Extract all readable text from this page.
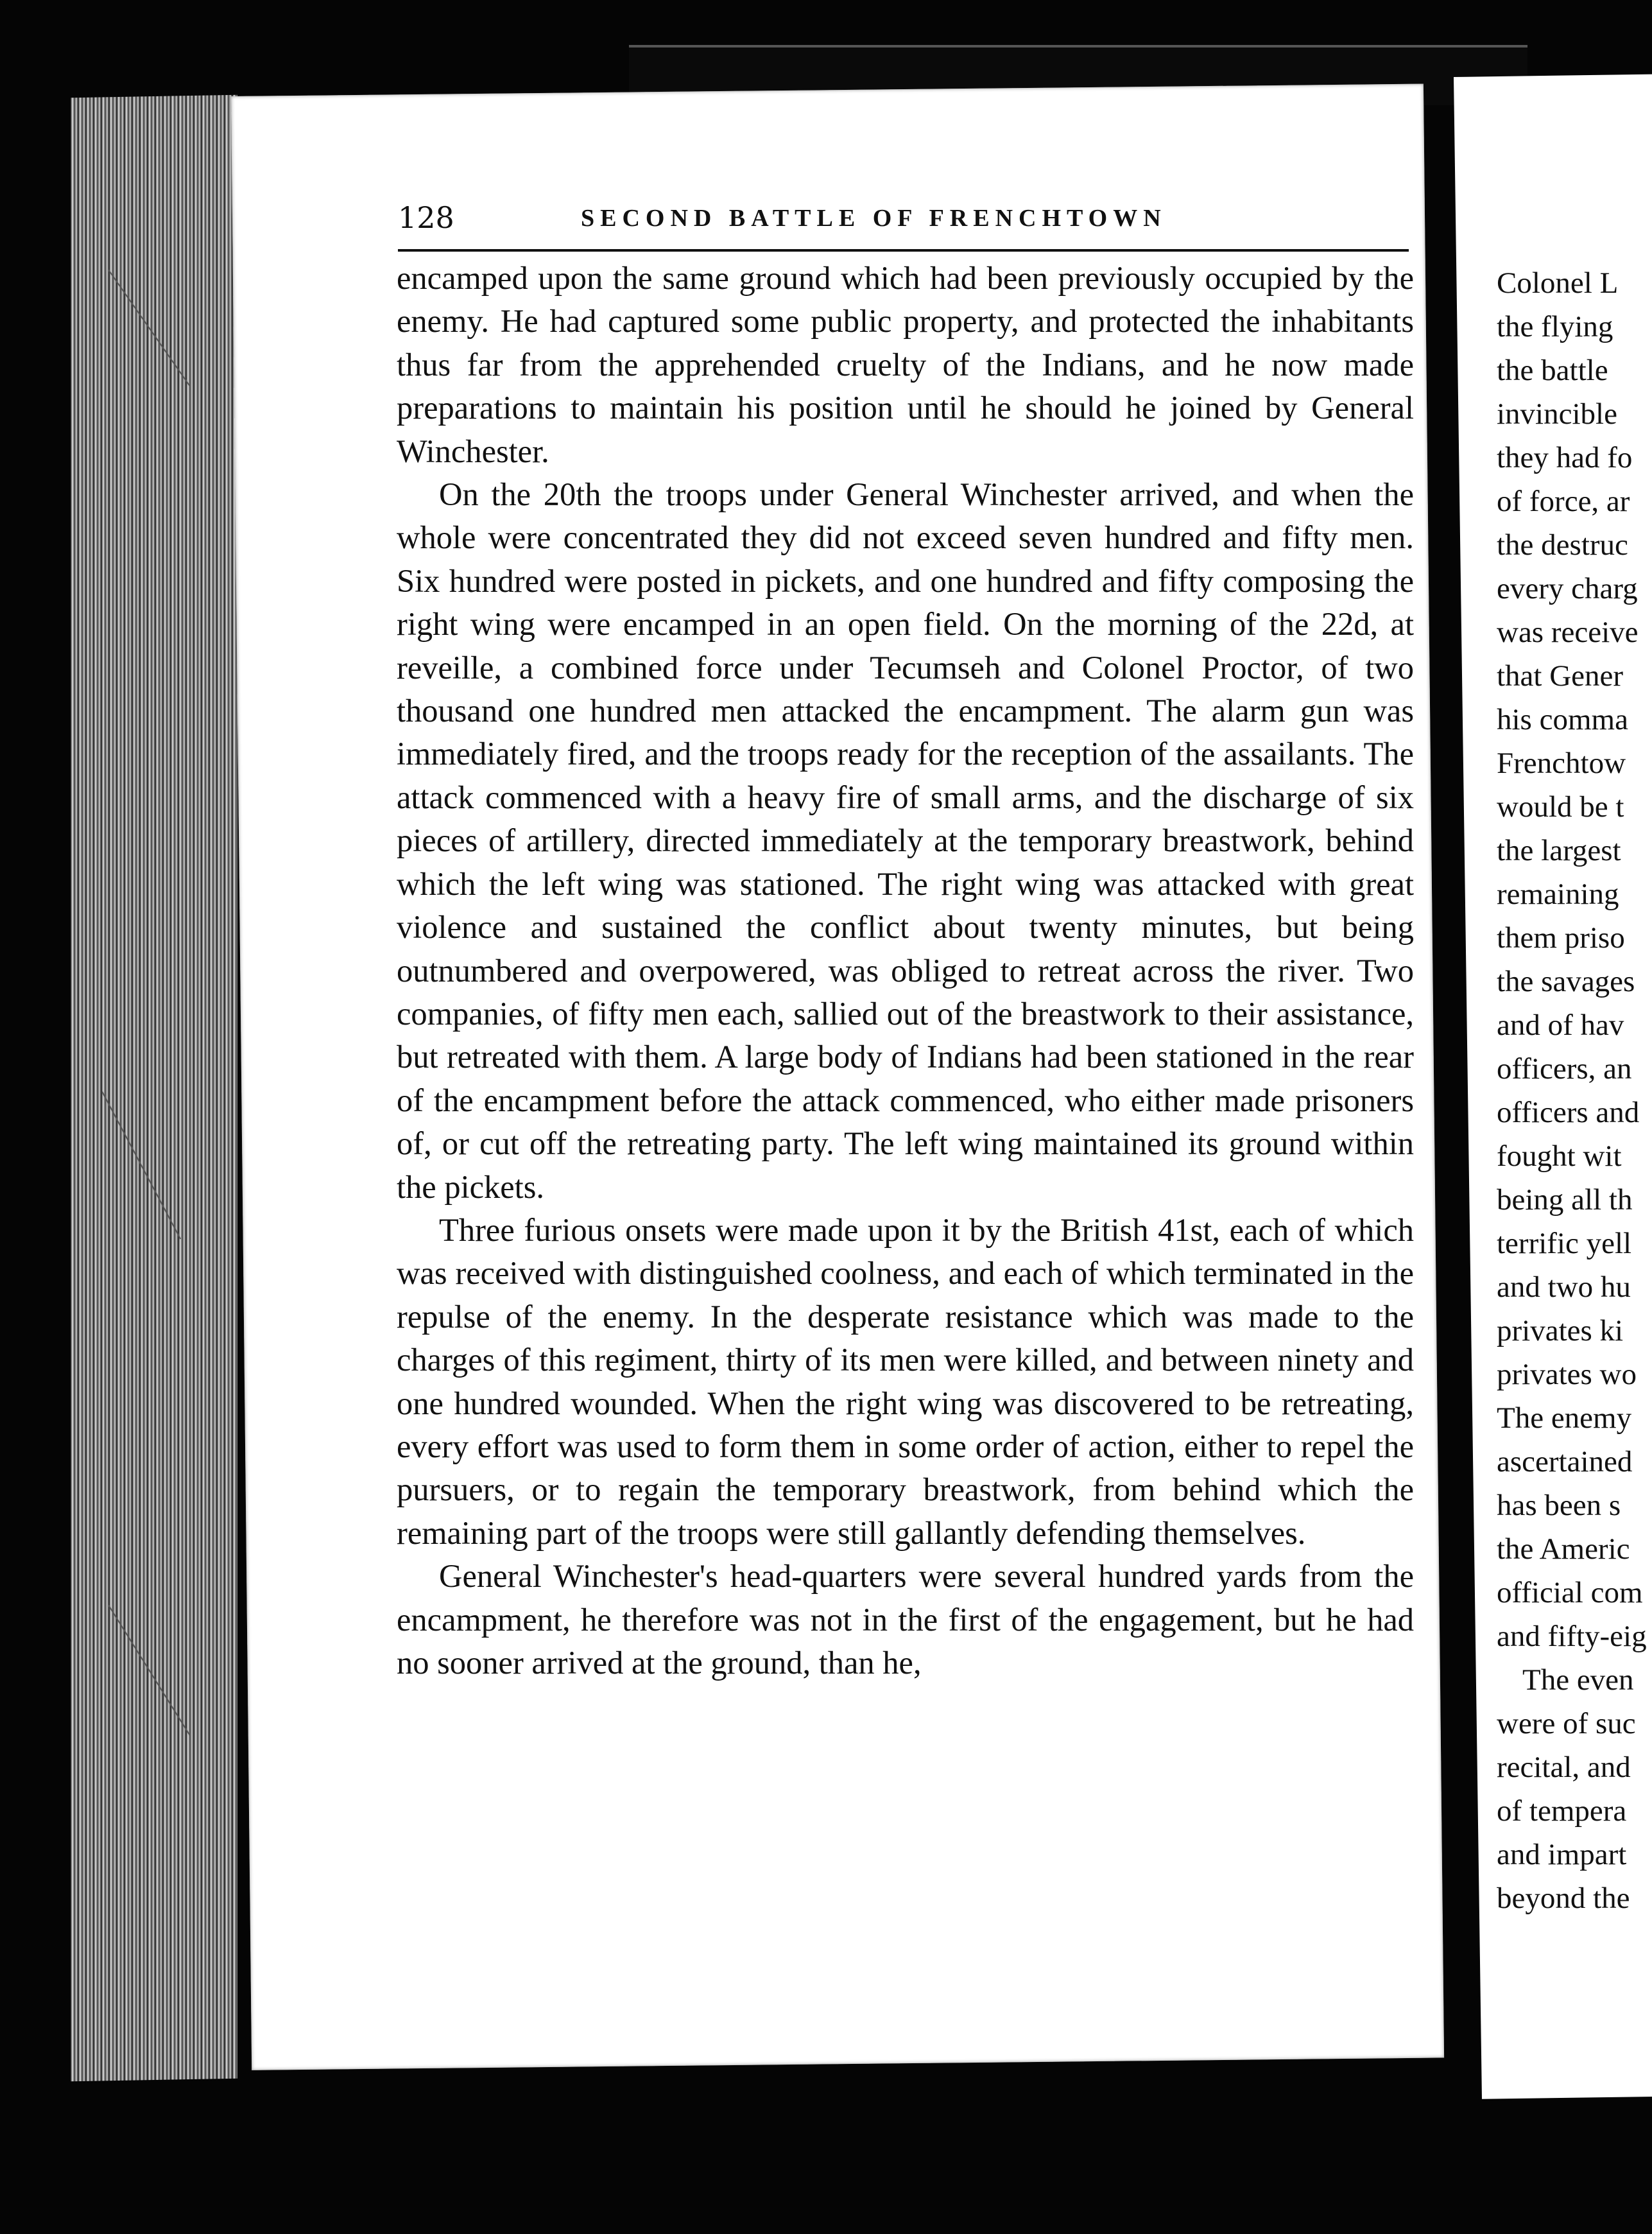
128	SECOND BATTLE OF FRENCHTOWN

encamped upon the same ground which had been previously occupied by the enemy. He had captured some public property, and protected the inhabitants thus far from the apprehended cruelty of the Indians, and he now made preparations to maintain his position until he should he joined by General Winchester.

On the 20th the troops under General Winchester arrived, and when the whole were concentrated they did not exceed seven hundred and fifty men. Six hundred were posted in pickets, and one hundred and fifty composing the right wing were encamped in an open field. On the morning of the 22d, at reveille, a combined force under Tecumseh and Colonel Proctor, of two thousand one hundred men attacked the encampment. The alarm gun was immediately fired, and the troops ready for the reception of the assailants. The attack commenced with a heavy fire of small arms, and the discharge of six pieces of artillery, directed immediately at the temporary breastwork, behind which the left wing was stationed. The right wing was attacked with great violence and sustained the conflict about twenty minutes, but being outnumbered and overpowered, was obliged to retreat across the river. Two companies, of fifty men each, sallied out of the breastwork to their assistance, but retreated with them. A large body of Indians had been stationed in the rear of the encampment before the attack commenced, who either made prisoners of, or cut off the retreating party. The left wing maintained its ground within the pickets.

Three furious onsets were made upon it by the British 41st, each of which was received with distinguished coolness, and each of which terminated in the repulse of the enemy. In the desperate resistance which was made to the charges of this regiment, thirty of its men were killed, and between ninety and one hundred wounded. When the right wing was discovered to be retreating, every effort was used to form them in some order of action, either to repel the pursuers, or to regain the temporary breastwork, from behind which the remaining part of the troops were still gallantly defending themselves.

General Winchester's head-quarters were several hundred yards from the encampment, he therefore was not in the first of the engagement, but he had no sooner arrived at the ground, than he,

Colonel L
the flying
the battle
invincible
they had fo
of force, ar
the destruc
every charg
was receive
that Gener
his comma
Frenchtow
would be t
the largest
remaining
them priso
the savages
and of hav
officers, an
officers and
fought wit
being all th
terrific yell
and two hu
privates ki
privates wo
The enemy
ascertained
has been s
the Americ
official com
and fifty-eig
The even
were of suc
recital, and
of tempera
and impart
beyond the
